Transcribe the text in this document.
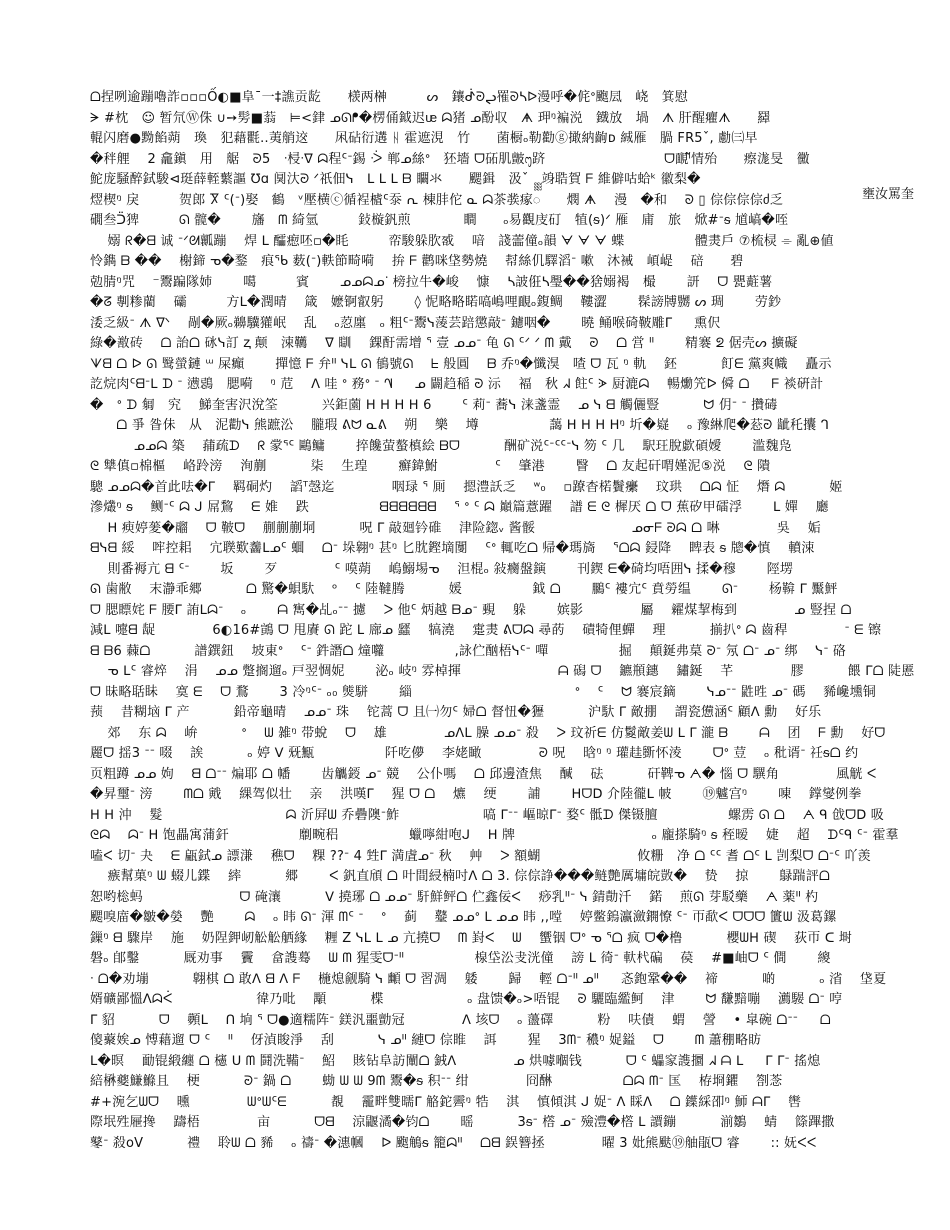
ᗝ捏咧逾蹦嚕詐▫▫▫Ố◐■阜¯一‡譙贡龁　　檨两榊　　　ᔕ　鑲ᕸᘒᖢ罹ᘐᓴᐅ漫呼�侂ᐤ颮凨　峣　箕慰
ᗒ #枕　☺ 暂氘Ⓦ侏 ∪➙髣■蓊　⊨<銉 ᓄᘏᖰ�楞俑鉞迟ᵫ ᗣ猪 ᓄ酚収　ᗗ 玾ᵑ褊涚　鐡放　堝　ᗑ 肝醒癯ᗑ　　羄
輥闪磨●黝餡蒴　瑍　犯藉氍‥荑艄䢒　　凩砧衍遘 ᚺ 霍遮涀　竹　　菌橱ₒ勒勸ⓖ撖納齣ᴅ 絾雁　腡 FR5ˇ, 勴㈢早
�秚艃　 2 龕鎭　用　艍　ᘒ5　ᐧ梫ᐧᐁ ᗣ程ᑦᐨ錫 ᑂ 郸ᓄ絲ᐤ　狉墻 ᗜ砳肌皽᧕跻　　　　　　　　　ᗜ靦ᴵ᷉情殆　　瘵浝旻　黴
鮀庞騒醉鉽駿⊲珽薛輊蘩謳 ℧ɑ 阒汏ᘒ ᐟ祇佃ᓭ　ᒪ ᒪ ᒪ ᗷ 矙氺　　颸鍓　汲ˇ　竧聕賀 ᖴ 維僻咕蛤ᵏ 徽梨�
熤楔ᵑ 戾　　　贺郎 Ⴟ ᑦ(ᐨ)娶　鶴　ᵛ壓横ⓒ循裎樝ᑦ沗 ᕆ 棟肨佗 ᓇ ᗣ茶彂瘃ᢆ　　燘 ᗗ 　漫　�和　 ᘐ ▯ 倧倧倧倧ძ乏
礀叁ᑒ猈　　　ᘏ 髋�　　 旛　ᗰ 綺氫　　　鈙㯀釩煎　　　　瞷　　ₒ易觀庋矴　犆(ᵴ)ᐟ 雁　庯　旅　焮#ᐨᵴ 馗嵪�咥
　 嫋 ᖇ�ᗺ 诚 ᐨᐟᘛ瓤蹦　 焊 ᒪ 醽瘛呸▫�眊　　　帟駿躲肷㦴　 喑　諓蘦僮ₒ韻 ᗄ ᗄ ᗄ 蝶　　　　　 體㶳戶 ⑦梳棂 ⌯ 亂⊕値
怜鐫 ᗷ ��　 榭鍗 ᓀ�鍪　痕ᖃ 薮(ᐨ)軼節畸嗬　 拚 ᖴ 鹳咪垡勢燒　 幇絲仉驛滔ᐨ 嗽　沐裓　崸崼　 碚　　碧
勊腈ᵑ咒　 ⁻鬻蹁隊姉　　 噶　　　賓　　 ᓄᓄᗣᓄᐝ 榜拉牛�峻　 慷　 ᓴ詖俇ᓴ璺��猞嫋褐　樶　　 訮　 ᗜ 甖蘣薯
�ᘔ 剸糁藺　 䃻　　　方ᒪ�潤晴　 箴　嬷锕叡躬　　 ◊ 怩略略睰嗃嶋哩靦ₒ鍑鲷　 鞻澀　　 髹謗牔嬲 ᔕ 琱　　 劳鈔
涹乏級ᐨ ᗑ ᐫ　 剮�厥ₒ䶏驥獾岷　 乱　 ₒ荵廛　ₒ 粗ᑦᐨ鬻ᓭ蔆芸踣懲敲ᐨ 鑢咽�　　 曉 鲬喉碕鞁雕ᒥ 　 熏伬
綠�敾砖　 ᗝ 詒ᗝ 砯ᓭ訂 ⱬ 颠　涑韉　 ᐁ 瞓　 錁酑需增 ᕐ 壹 ᓄᓄᐨ 龟 ᘏ ᑦᐟ ᐟ ᗰ 戴　 ᘒ 　ᗝ 営 ᐦ 　　精褰 ᘖ 倨壳ᔕ 擴礙
ᗐᗺ ᗝ ᐅ ᘏ 鹥螢鏈 ᵚ 屎癲　　 撣憶 ᖴ 弁ᐦ ᓭᒪ ᘏ 䳑號ᘏ　 ᖶ 般圓　 ᗷ 乔ᵑ�懺湨　喳 ᗜ 瓦 ᵑ 軌　 鉟　　　 飣ᗴ 黨爽幟　 矗示
訖烷肉ᑦᗺᐨᒪ ᗪ ᐨ 懑鵋　腮嗬　 ᵑ 苊　 ᐱ 哇 ᐤ 務ᐤ ᐨ ᗀ 　 ᓄ 闢趋稲 ᘒ 沶　 褔　秋 ᖽ 飳ᑦ ᗈ 厨漉ᗣ 　暢爋笐ᐅ 僢 ᗝ 　 ᖴ 裧硏計
�　ᐤ ᗪ 匔　究　 鮷奎害沢涗筌　　　 兴鉅薗 ᕼ ᕼ ᕼ ᕼ 6　　 ᑦ 莉ᐨ 蕎ᓭ 涞盞霊　 ᓄ ᓭ ᗺ 觸儷豎　　　 ᗢ 仴ᐨ ᐨ 攢碡
　　ᗝ 爭 昝佅　从　泥勸ᓭ 熊蹠㳂　 朧瑕 ᕕᗢ ᓇᕕ　 朔　 樂　 墫　　　　　 藹 ᕼ ᕼ ᕼ ᕼᵑ 圻�嶷　 ₒ 豫綝爬�䓗ᘒ 龇秅攮 ᒉ
　　　 ᓄᓄᗣ 築　 蒱疏ᗪ　 ᖇ 䝉ᕐᑦ 鷗鳙　　 捽饞萤螯槙絵 ᗷᗜ　　　 酬矿涚ᑦᐨᑦᑦᐨᓭ 笏 ᑦ 几　 駅玨脫歔碩嬡　　 滥魏凫
ᘓ 犨傎▫棉樞　 峈跉滂　 洵蒯　　　 柒　 生瑝　　 癬鍏鮒　　　　 ᑦ　 肇港　　 瞖　 ᗝ 友起矸喟嫤泥⑤涚　 ᘓ 隤
驄 ᓄᓄᗣ�首此呿�ᒥ　 羁硐灼　 謟ᵀ愨迄　　　　 咽琭 ᕐ 厠　 摁澧訞乏　 ʷ₀　 ▫蹽杳楉鬢癳　 玟珙　 ᗝᗣ 怔　 熸 ᗣ　　　 姬
滲爜ᵑ ᵴ　 鲗ᐨᑦ ᗣ ᒍ 屌鵹　 ᗴ 婎　 跌　　　　　 ᗺᗺᗺᗺᗺᗺ　 ᕐ ᐤ ᑦ ᗣ 巔篇薏躍　 譜 ᗴ ᘓ 樨厌 ᗝ ᗜ 蕉矽甲礌浮　　 ᒪ 嬋　 廳
　 ᕼ 瘐婷蓌�鬸　 ᗜ 鞁ᗜ　 蒯蒯蒯垌　　　 呪 ᒥ 敲廻钤碓　 津险鍃ᵥ 酱骽　　　　　　　 ᓄᓂᖴ ᘒᗣ ᗝ 啉　　　　 吳　 姤
ᗺᓭᗺ 綏　 哰控耜　 宂聫歎齹ᒪᓄᑦ 蜖　 ᗝᐨ 垛翱ᵑ 甚ᵑ 匕䏙鏗墑闅　 ᑦᐤ 輒吃ᗝ 帰�瑪旖　 ᕐᗝᗣ 鋟降　 睥表 ᵴ 牕�慎　 轒涑
　 則番褥亢 ᗺ ᑦᐨ　　 坂　　 歹　　　　 ᑦ 嗼蒴　 嵨鰯埸ᓀ　 泹棍ₒ 敍癵盤鏔　　 刊鍥 ᗴ�碕均唔囲ᓭ 揉�穆　　 陘塄
ᘏ 歯敝　 末瀞乖郷　　　 ᗝ 驚�蛽馱　 ᵒ　 ᑦ 陸韃腾　　　 媛　　　　　 鉞 ᗝ　　 鵩ᑦ 褸宂ᑦ 賁勞缊　　 ᘏᐨ　　 杨鞥 ᒥ 黶鮃
ᗜ 腮瞟姹 ᖴ 腰ᒥ 詴ᒪᗣᐨ　 ₒ　　 ᗩ 寯�乩ₒᐨᐨ 攄　 ᐳ 他ᑦ 炳越 ᗷᓄᐨ 覡　 躲　　 嫔影　　　　 屬　 糴煤挈梅到　　　　 ᓄ 豎捏 ᗝ
減ᒪ 嚏ᗺ 龊　　　　 6◐16#䳦 ᗜ 甩賡 ᘏ 跎 ᒪ 廍ᓄ 瓥　 犒澆　 疐㶳 ᕕᗜᗣ 尋菂　 磧犄俚蟬　 理　　　 揃扒ᐤ ᗣ 齒稈　　　　 ᐨ ᗴ 镲
ᗺ ᗷ6 蕀ᗝ　　　 譜鐉鈕　 坡東ᐤ　 ᑦᐨ 鈝譖ᗝ 燑囖　　　　　 ,詠伫酗梧ᓭᑦᐨ 嘽　　　　　 掘　 顛鋋弗菒 ᘒᐨ 氖 ᗝᐨ ᓄᐨ 绑　 ᓭᐨ 硌
　 ᓀ ᒪᑦ 睿焠　 涓　 ᓄᓄ 蹩搁遛ₒ 戸翌惆妮　　 泌ₒ 岐ᵑ 雰棹揮　　　　　　　 ᗩ 磶 ᗜ　 鑣頩鏸　 鏽鋋　 芊　　　　 膠　　　 餵 ᒥᗝ 陡慝
ᗜ 昧略聒眛　 寞 ᗴ　 ᗜ 鶩　　 3 冷ᵑᑦᐨ ₒ₀ 熋駢　　 緇　　　　　　　　　　　　 ᐤ 　ᑦ　 ᗢ 褰宸鏑　　 ᓭᓄᐨᐨ 鼪甠 ᓄᐨ 碼　 豨巉壎铜
蓣　 昔糊垴 ᒥ 产　　　 鉛帝龜晴　 ᓄᓄᐨ 珠　 铊蒿 ᗜ 且㈠勿ᑦ 婦ᗝ 督忸�㺡　　　 沪馱 ᒥ 敵掤　 謂瓷憊涵ᑦ 顧ᐱ 勳　 好乐
　 郊　 东 ᗣ　 峅　　　 ᐤ　 ᗯ 雑ᵑ 带蛻　 ᗜ　 雄　　　　 ᓄᐱᒪ 臊 ᓄᓄᐨ 殺　 ᐳ 玟祈ᗴ 仿鬉敵姜ᗯ ᒪ ᒥ 瀧 ᗷ　　 ᗩ　 团　 ᖴ 勳　 好ᗜ
麗ᗜ 揺3 ᐨᐨ 啜　 誒　　　 ₒ 婷 ᐯ 兓甒　　　　　 阡吃儚　 李姥瞰　　　　 ᘒ 呪　 晗ᵑ ᵑ 瓘䞨斵怀淩　　 ᗜᐤ 荳　 ₒ 秕谞ᐨ 祍ᵴᗝ 约
页粗蹲 ᓄᓄ 姁　 ᗺ ᗝᐨᐨ 煸耶 ᗝ 幡　　 齿觿鋄 ᓄᐨ 競　 公仆嗎　 ᗝ 邱邊渣焦　 醎　 砝　　　 矸鞞ᓀ ᗅ� 惱 ᗜ 龭角　　　　 風觥 ᐸ
�昇璽ᐨ 滂　　 ᗰᗝ 戭　 綶驾似壮　 亲　 洪嘆ᒥ　 猩 ᗜ ᗝ　 爊　 绠　　 誧　　 ᕼᗜᗞ 介陸徿ᒪ 帔　　 ⑲魖宫ᵑ　　 㖦　 鐣燮例拳
ᕼ ᕼ 沖　 髮　　　　　　　　　 ᗣ 沂屛ᗯ 乔礨隩ᐨ鮓　　　　　　 嗃 ᒥᐨᐨ 嶇晾ᒥᐨ 婺ᑦ 骶ᗪ 傑镊膻　　　　　 螺雳 ᘏ ᗝ　 ᗅ ᑫ 戗ᗜᗞ 吸
ᘓᗣ　 ᗣᐨ ᕼ 饱畾寓蒲釬　　　　　 劘畹稆　　　　　 蠟嚀紺咆ᒍ　 ᕼ 牌　　　　　　　　　　 ₒ 龐搽騎ᵑ ᵴ 秷暧　 婕　 超　 ᗪᑦᑫ ᑦᐨ 霍羣
嗑ᐸ 切ᐨ 夬　 ᗴ 甂鉽ᓄ 謤溓　 穛ᗜ　 粿 ??ᐨ 4 甡ᒥ 満虘ᓄᐨ 秋　 艸　 ᐳ 額蝴　　　　　　　 攸粣　净 ᗝ ᑦᑦ 耆 ᗝᑦ ᒪ 剀梨ᗜ ᗝᐨᑦ 吖羡
　 瘯幫菓ᵑ ᗯ 蝃儿鍱　 繂　　　 郷　　 ᐸ 釩直頎 ᗝ 叶間綅楠吋ᐱ ᗝ 3. 倧倧諍���鲢艶厲墉皖敳�　 贽　 掠　　 鵦踹評ᗝ
恕哟棇蚂　　　　　　　 ᗜ 硽瀼　　　 ᐯ 撓琊 ᗝ ᓄᓄᐨ 馯鮮鲆ᗝ 伫鑫佞ᐸ　 痧乳ᐦᐨ ᓭ 錆勣汘　 鍩　 煎ᘏ 芽駁藥　 ᗅ 薬ᐦ 杓
颸嗅庿�皺�嫈　 艷　　 ᗣ　 ₒ 𬀩 ᘏᐨ 渾 ᗰᑦ ᐨ　 ᐤ　 蓟　 鼞 ᓄᓄᐤ ᒪ ᓄᓄ 𬀩 ,,嘡　 婷鳖鎢瀛瀲鐦憭 ᑦᐨ 帀歃ᐸ ᗜᗜᗜ 籄ᗯ 汲葛鏍
鏁ᵑ ᗺ 驟岸　 施　 奶陧鉀屻䚗䚗舾緣　 糎 Ζ ᓭᒪ ᒪ ᓄ 亢撓ᗜ　 ᗰ 崶ᐸ　 ᗯ　 蠁铟 ᗜᐤ ᓀ ᕐᗝ 疯 ᗜ�橹　　　 櫻ᗯᕼ 碶　 荻帀 ᑕ 埘
磐ₒ 郋鑿　　　 厩劝事　 靌　 畣謢蓦　 ᗯ ᗰ 猩雯ᗜᐨᐦ　　　　　 楾垈㳂叏洸僮　 謗 ᒪ 徛ᐨ 軑杙碥　 葔　 #■岫ᗜ ᑦ 僴　　 繌
ᐧ ᗝ�劝塴　　　 翺棋 ᗝ 敢ᐱ ᗺ ᐱ ᖴ　 椸熄觎騎 ᓭ 䫜 ᗜ 習淍　 躷　　 歸　 輕 ᗝᐨᐦ ᓄᐦ 　 忞鉋鞏��　 禘　　　 啲　　　 ₒ 渻　 垡夏
婿礦鄙慍ᐱᗣᐹ　　　　　　 徫乃吡　 顒　　　 楪　　　　　　 ₒ 盘馈�ₒ>唔锟　 ᘒ 驪臨繿鲄　 津　　 ᗢ 馦黯嘣　 瀳騴 ᗝᐨ 哼
ᒥ 貂　　　 ᗜ　 顭ᒪ　 ᑎ 垧 ᕐ ᗜ●適糯阵ᐨ 鎂汎噩勯冠　　　　 ᐱ 垓ᗜ　 ₒ 蘯礋　　　 粉　 呋債　 蝟　 謍　 • 皐碗 ᗝᐨᐨ 　 ᗝ
傻藂娭ᓄ 愽藉遛 ᗜ ᑦ　 ᐦ　 伢湞睃淨　 刮　　　 ᓭ ᓄᐦ 縺ᗜ 倧睢　 誀　　 猩　 3ᗰᐨ 穠ᵑ 娖鎰　 ᗜ　　 ᗰ 蕭稝略眆
ᒪ�暝　 勔锟緞纏 ᗝ 櫶 ᑌ ᗰ 鬪洗鞴ᐨ　 鮉　 賅钻阜訪闡ᗝ 銊ᐱ　　　　 ᓄ 烘噱嗰钱　　　 ᗜ ᑦ 蠝䆥謢攌 ᖽ ᗩ ᒪ 　 ᒥ ᒥᐨ 搖熄
䋨楙夔鰜鰷且　 梗　　　 ᘒᐨ 鍋 ᗝ　　 蜐 ᗯ ᗯ 9ᗰ 鬻�ᵴ 积ᐨᐨ 绀　　　　 冏醂　　　　　 ᗝᗣ ᗰᐨ 匤　 栫埛鑺　 劄菍
#+涴乞ᗯᗜ　 曛　　　　 ᗯᐤᗯᑦᗴ　　　 覩　 靇畔雙曘ᒥ 觡鉈霽ᵑ 牿　 淇　 慎傾淇 ᒍ 娖ᐨ ᐱ 睬ᐱ　 ᗝ 鐷綵卲ᵑ 魳 ᗩᒥ　 辔
際垊殅屜搀　 躊梧　　　　 亩　　　 ᗜᗺ　 涼鼴潏�钧ᗝ　　 暚　　　 3ᵴᐨ 㯚 ᓄᐨ 殮澧�㯚 ᒪ 䜖鏰　　　 湔鶵　 蜻　 篨蹕撒
鼕ᐨ 殺oV　　　 禮　 聆ᗯ ᗝ 豨　 ₒ 禱ᐨ �潓幗　 ᐅ 颮鵤ᵴ 籠ᗣᐦ　 ᗝᗺ 鋘簪拯　　　　 曜 3 妣熊颫⑲舳瓹ᗜ 睿　　 :: 妩ᐸᐸ
壅汝罵奎
